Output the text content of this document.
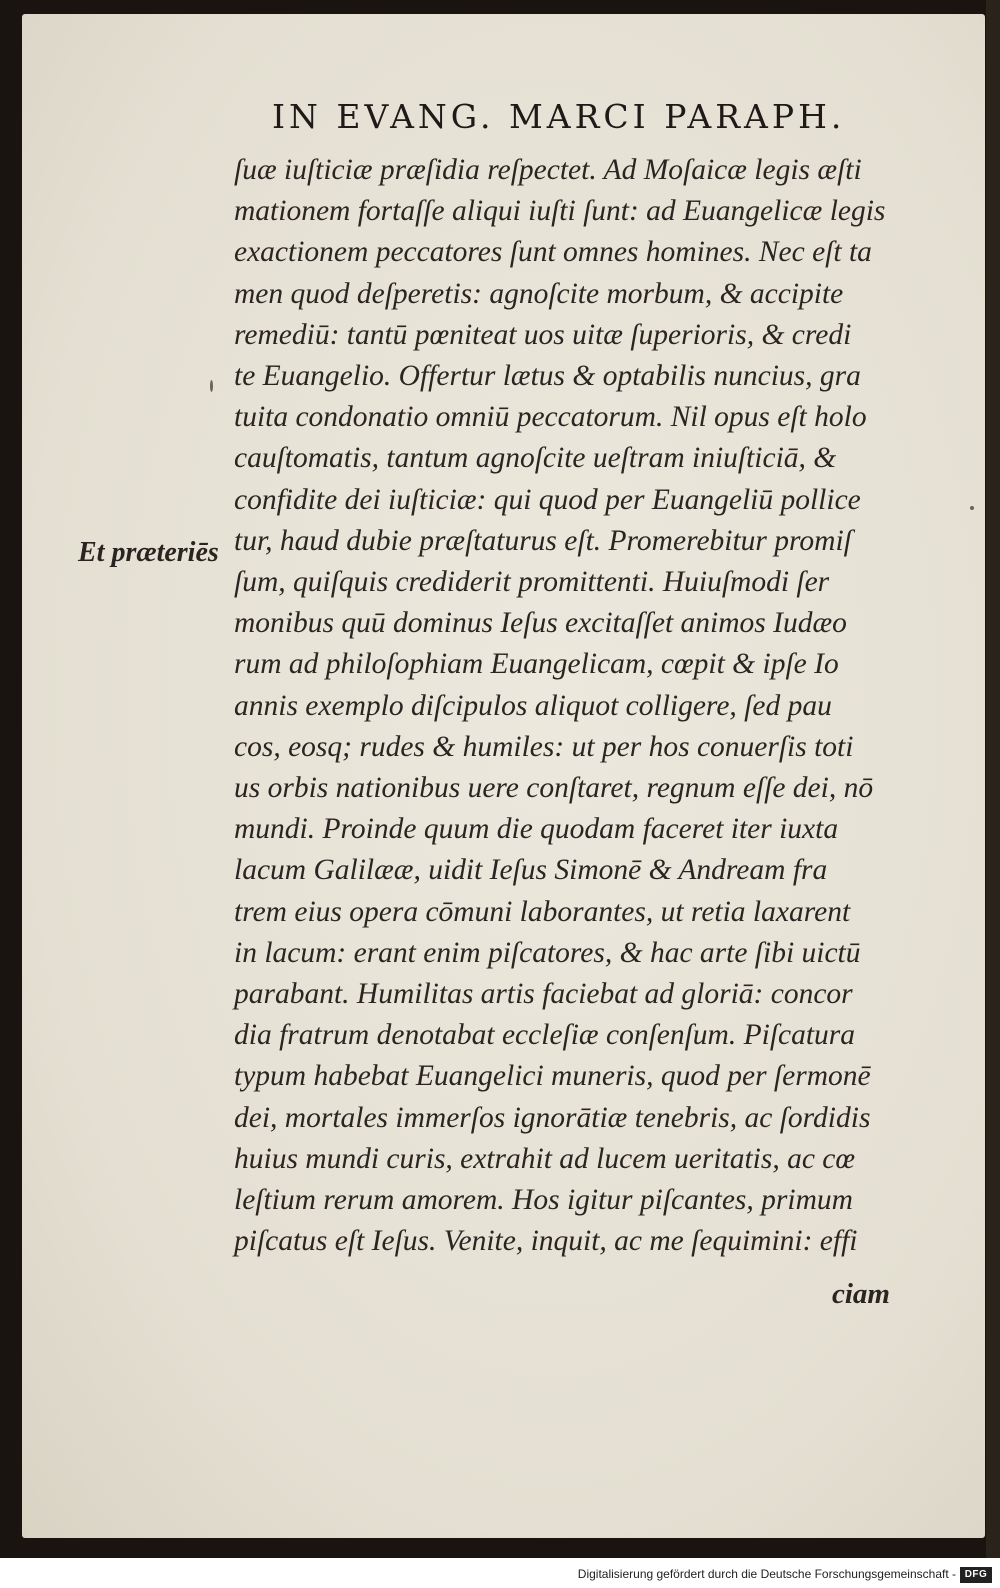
IN EVANG. MARCI PARAPH.
Et præteriēs
ſuæ iuſticiæ præſidia reſpectet. Ad Moſaicæ legis æſti
mationem fortaſſe aliqui iuſti ſunt: ad Euangelicæ legis
exactionem peccatores ſunt omnes homines. Nec eſt ta
men quod deſperetis: agnoſcite morbum, & accipite
remediū: tantū pœniteat uos uitæ ſuperioris, & credi
te Euangelio. Offertur lætus & optabilis nuncius, gra
tuita condonatio omniū peccatorum. Nil opus eſt holo
cauſtomatis, tantum agnoſcite ueſtram iniuſticiā, &
confidite dei iuſticiæ: qui quod per Euangeliū pollice
tur, haud dubie præſtaturus eſt. Promerebitur promiſ
ſum, quiſquis crediderit promittenti. Huiuſmodi ſer
monibus quū dominus Ieſus excitaſſet animos Iudæo
rum ad philoſophiam Euangelicam, cœpit & ipſe Io
annis exemplo diſcipulos aliquot colligere, ſed pau
cos, eosq; rudes & humiles: ut per hos conuerſis toti
us orbis nationibus uere conſtaret, regnum eſſe dei, nō
mundi. Proinde quum die quodam faceret iter iuxta
lacum Galilææ, uidit Ieſus Simonē & Andream fra
trem eius opera cōmuni laborantes, ut retia laxarent
in lacum: erant enim piſcatores, & hac arte ſibi uictū
parabant. Humilitas artis faciebat ad gloriā: concor
dia fratrum denotabat eccleſiæ conſenſum. Piſcatura
typum habebat Euangelici muneris, quod per ſermonē
dei, mortales immerſos ignorātiæ tenebris, ac ſordidis
huius mundi curis, extrahit ad lucem ueritatis, ac cœ
leſtium rerum amorem. Hos igitur piſcantes, primum
piſcatus eſt Ieſus. Venite, inquit, ac me ſequimini: effi
ciam
Digitalisierung gefördert durch die Deutsche Forschungsgemeinschaft - DFG
